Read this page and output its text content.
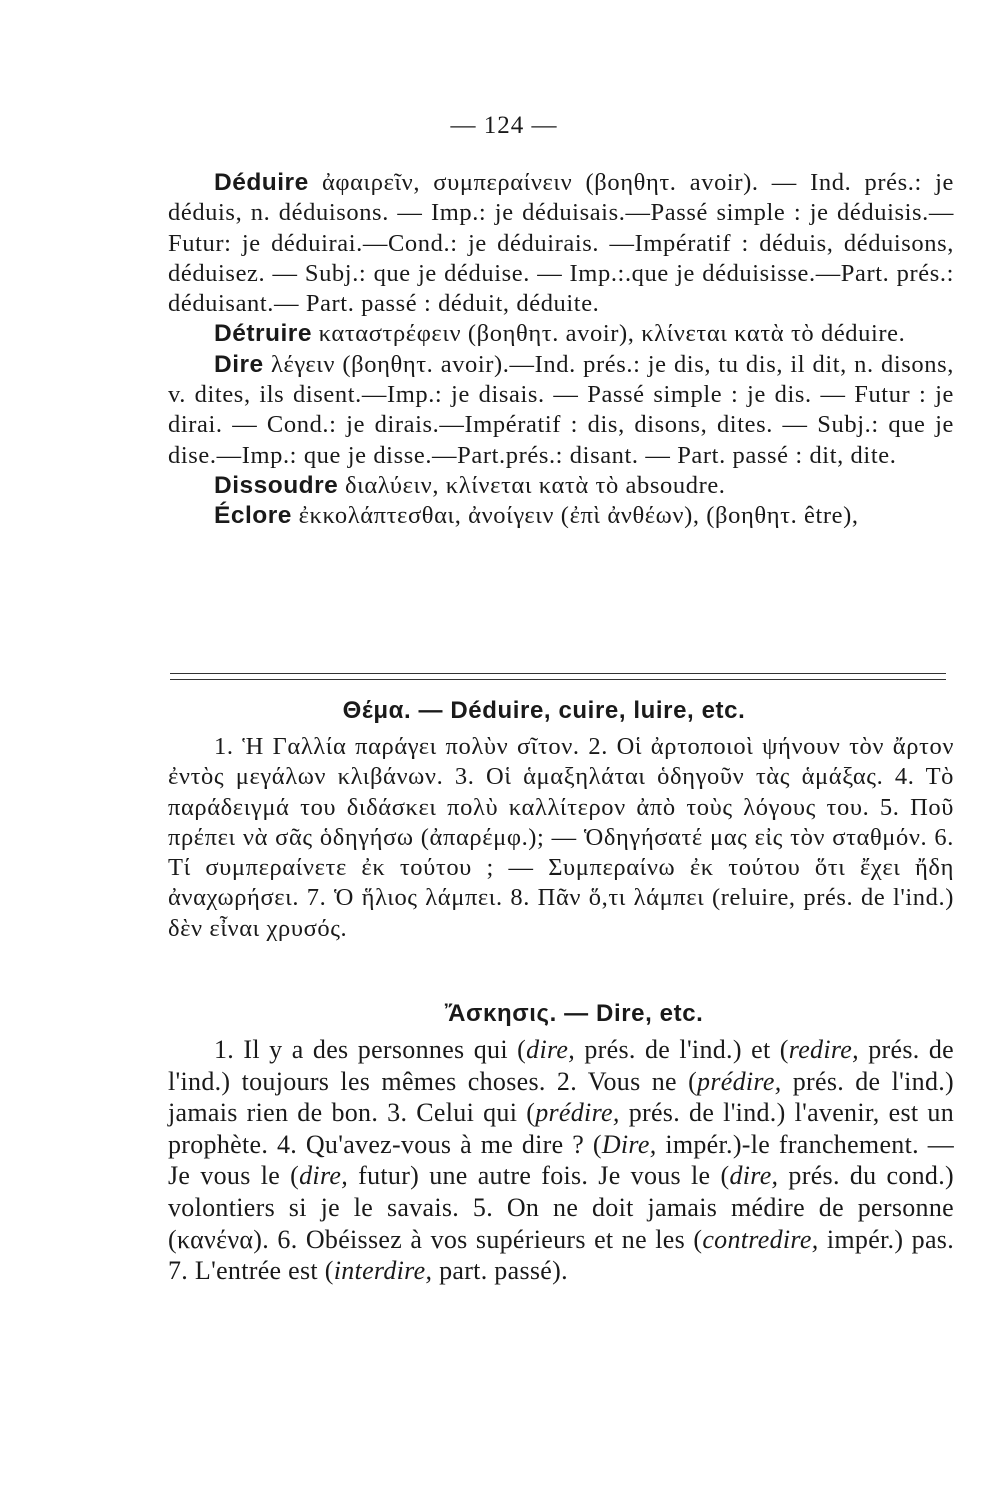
— 124 —

Déduire ἀφαιρεῖν, συμπεραίνειν (βοηθητ. avoir). — Ind. prés.: je déduis, n. déduisons. — Imp.: je déduisais.—Passé simple : je déduisis.—Futur: je déduirai.—Cond.: je déduirais. —Impératif : déduis, déduisons, déduisez. — Subj.: que je déduise. — Imp.:.que je déduisisse.—Part. prés.: déduisant.— Part. passé : déduit, déduite.

Détruire καταστρέφειν (βοηθητ. avoir), κλίνεται κατὰ τὸ déduire.

Dire λέγειν (βοηθητ. avoir).—Ind. prés.: je dis, tu dis, il dit, n. disons, v. dites, ils disent.—Imp.: je disais. — Passé simple : je dis. — Futur : je dirai. — Cond.: je dirais.—Impératif : dis, disons, dites. — Subj.: que je dise.—Imp.: que je disse.—Part.prés.: disant. — Part. passé : dit, dite.

Dissoudre διαλύειν, κλίνεται κατὰ τὸ absoudre.

Éclore ἐκκολάπτεσθαι, ἀνοίγειν (ἐπὶ ἀνθέων), (βοηθητ. être),

Θέμα. — Déduire, cuire, luire, etc.

1. Ἡ Γαλλία παράγει πολὺν σῖτον. 2. Οἱ ἀρτοποιοὶ ψήνουν τὸν ἄρτον ἐντὸς μεγάλων κλιβάνων. 3. Οἱ ἁμαξηλάται ὁδηγοῦν τὰς ἁμάξας. 4. Τὸ παράδειγμά του διδάσκει πολὺ καλλίτερον ἀπὸ τοὺς λόγους του. 5. Ποῦ πρέπει νὰ σᾶς ὁδηγήσω (ἀπαρέμφ.); — Ὁδηγήσατέ μας εἰς τὸν σταθμόν. 6. Τί συμπεραίνετε ἐκ τούτου ; — Συμπεραίνω ἐκ τούτου ὅτι ἔχει ἤδη ἀναχωρήσει. 7. Ὁ ἥλιος λάμπει. 8. Πᾶν ὅ,τι λάμπει (reluire, prés. de l'ind.) δὲν εἶναι χρυσός.

Ἄσκησις. — Dire, etc.

1. Il y a des personnes qui (dire, prés. de l'ind.) et (redire, prés. de l'ind.) toujours les mêmes choses. 2. Vous ne (prédire, prés. de l'ind.) jamais rien de bon. 3. Celui qui (prédire, prés. de l'ind.) l'avenir, est un prophète. 4. Qu'avez-vous à me dire ? (Dire, impér.)-le franchement. — Je vous le (dire, futur) une autre fois. Je vous le (dire, prés. du cond.) volontiers si je le savais. 5. On ne doit jamais médire de personne (κανένα). 6. Obéissez à vos supérieurs et ne les (contredire, impér.) pas. 7. L'entrée est (interdire, part. passé).
